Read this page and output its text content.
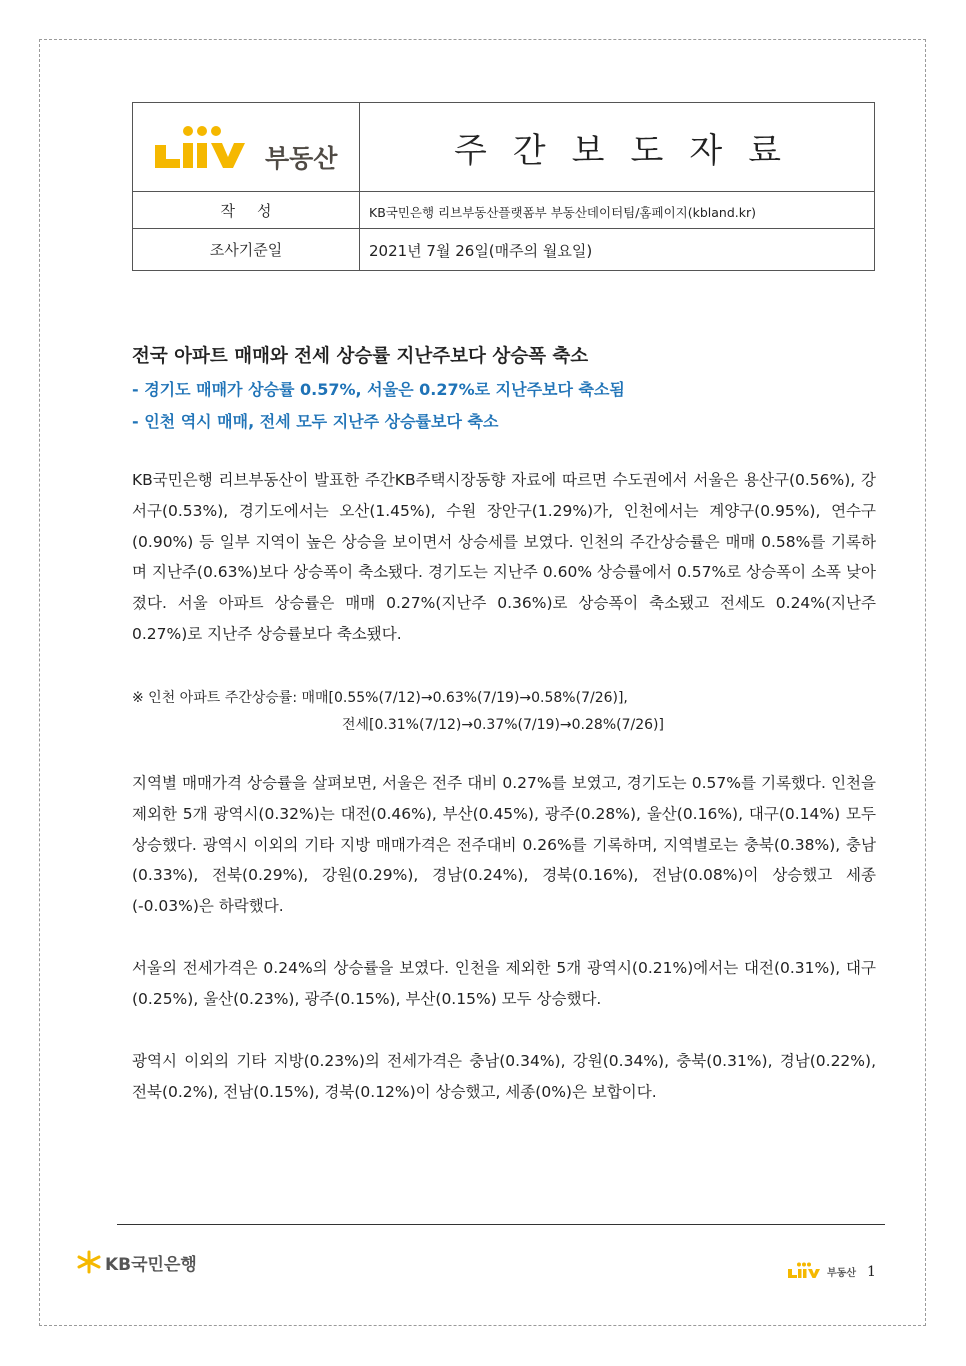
부동산	주간보도자료
작성	KB국민은행 리브부동산플랫폼부 부동산데이터팀/홈페이지(kbland.kr)
조사기준일	2021년 7월 26일(매주의 월요일)
전국 아파트 매매와 전세 상승률 지난주보다 상승폭 축소
- 경기도 매매가 상승률 0.57%, 서울은 0.27%로 지난주보다 축소됨
- 인천 역시 매매, 전세 모두 지난주 상승률보다 축소
KB국민은행 리브부동산이 발표한 주간KB주택시장동향 자료에 따르면 수도권에서 서울은 용산구(0.56%), 강서구(0.53%), 경기도에서는 오산(1.45%), 수원 장안구(1.29%)가, 인천에서는 계양구(0.95%), 연수구(0.90%) 등 일부 지역이 높은 상승을 보이면서 상승세를 보였다. 인천의 주간상승률은 매매 0.58%를 기록하며 지난주(0.63%)보다 상승폭이 축소됐다. 경기도는 지난주 0.60% 상승률에서 0.57%로 상승폭이 소폭 낮아졌다. 서울 아파트 상승률은 매매 0.27%(지난주 0.36%)로 상승폭이 축소됐고 전세도 0.24%(지난주 0.27%)로 지난주 상승률보다 축소됐다.
※ 인천 아파트 주간상승률: 매매[0.55%(7/12)→0.63%(7/19)→0.58%(7/26)],
전세[0.31%(7/12)→0.37%(7/19)→0.28%(7/26)]
지역별 매매가격 상승률을 살펴보면, 서울은 전주 대비 0.27%를 보였고, 경기도는 0.57%를 기록했다. 인천을 제외한 5개 광역시(0.32%)는 대전(0.46%), 부산(0.45%), 광주(0.28%), 울산(0.16%), 대구(0.14%) 모두 상승했다. 광역시 이외의 기타 지방 매매가격은 전주대비 0.26%를 기록하며, 지역별로는 충북(0.38%), 충남(0.33%), 전북(0.29%), 강원(0.29%), 경남(0.24%), 경북(0.16%), 전남(0.08%)이 상승했고 세종(-0.03%)은 하락했다.
서울의 전세가격은 0.24%의 상승률을 보였다. 인천을 제외한 5개 광역시(0.21%)에서는 대전(0.31%), 대구(0.25%), 울산(0.23%), 광주(0.15%), 부산(0.15%) 모두 상승했다.
광역시 이외의 기타 지방(0.23%)의 전세가격은 충남(0.34%), 강원(0.34%), 충북(0.31%), 경남(0.22%), 전북(0.2%), 전남(0.15%), 경북(0.12%)이 상승했고, 세종(0%)은 보합이다.
KB국민은행	부동산 1
